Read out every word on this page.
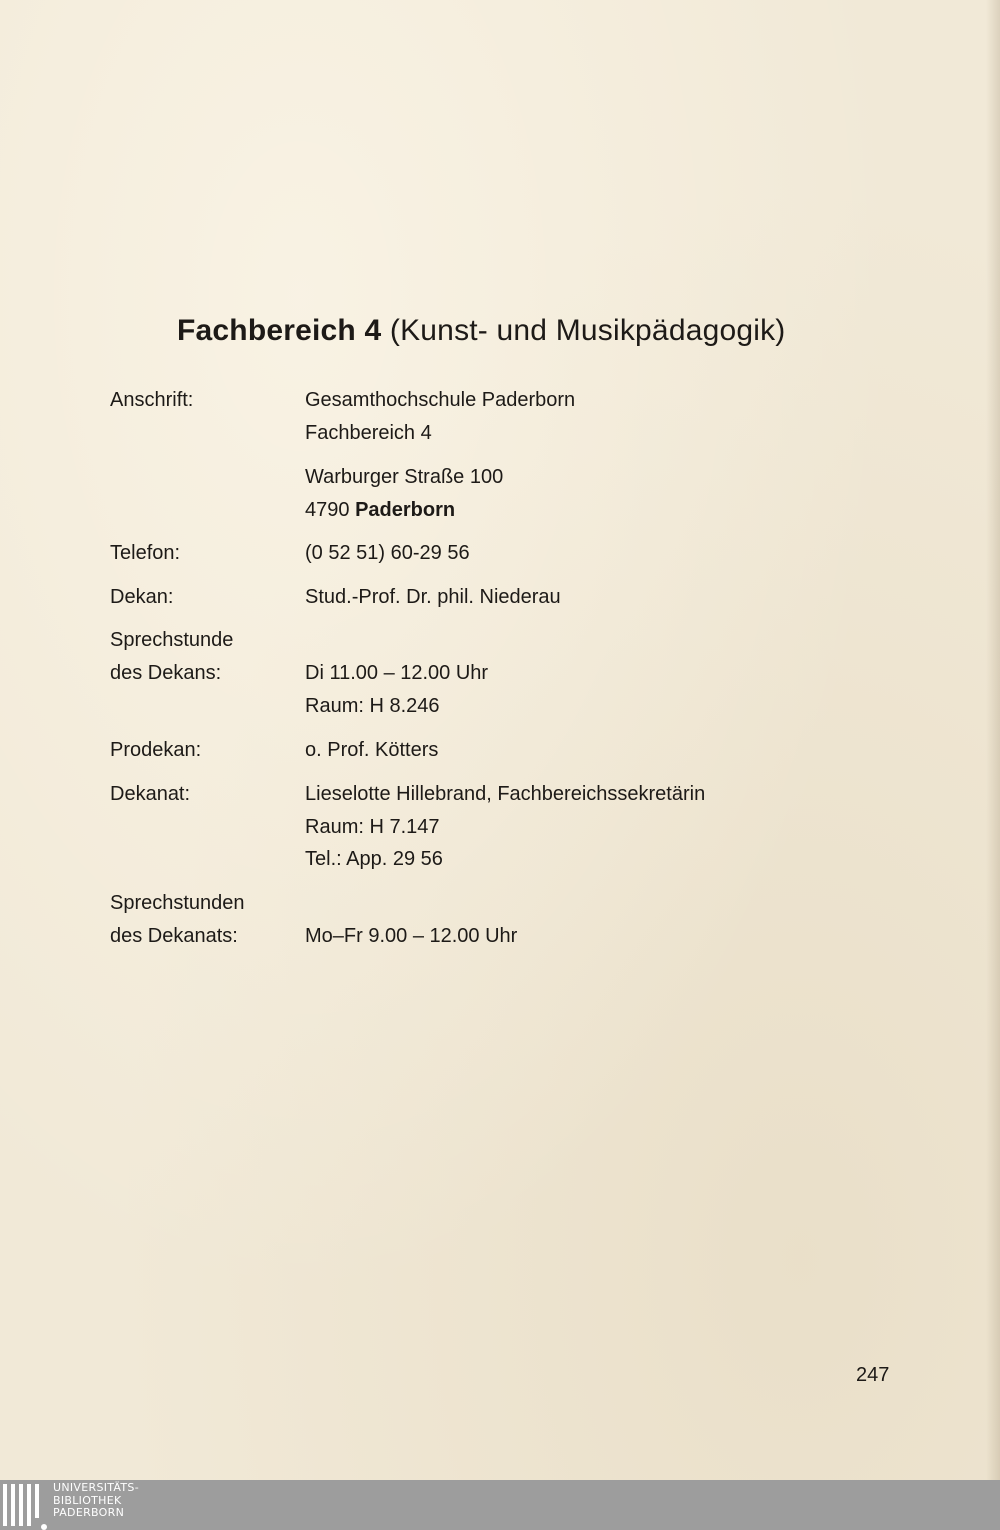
Fachbereich 4 (Kunst- und Musikpädagogik)
Anschrift:	Gesamthochschule Paderborn
Fachbereich 4
Warburger Straße 100
4790 Paderborn
Telefon:	(0 52 51) 60-29 56
Dekan:	Stud.-Prof. Dr. phil. Niederau
Sprechstunde
des Dekans:	Di 11.00 – 12.00 Uhr
Raum: H 8.246
Prodekan:	o. Prof. Kötters
Dekanat:	Lieselotte Hillebrand, Fachbereichssekretärin
Raum: H 7.147
Tel.: App. 29 56
Sprechstunden
des Dekanats:	Mo–Fr 9.00 – 12.00 Uhr
247
UNIVERSITÄTS-
BIBLIOTHEK
PADERBORN
